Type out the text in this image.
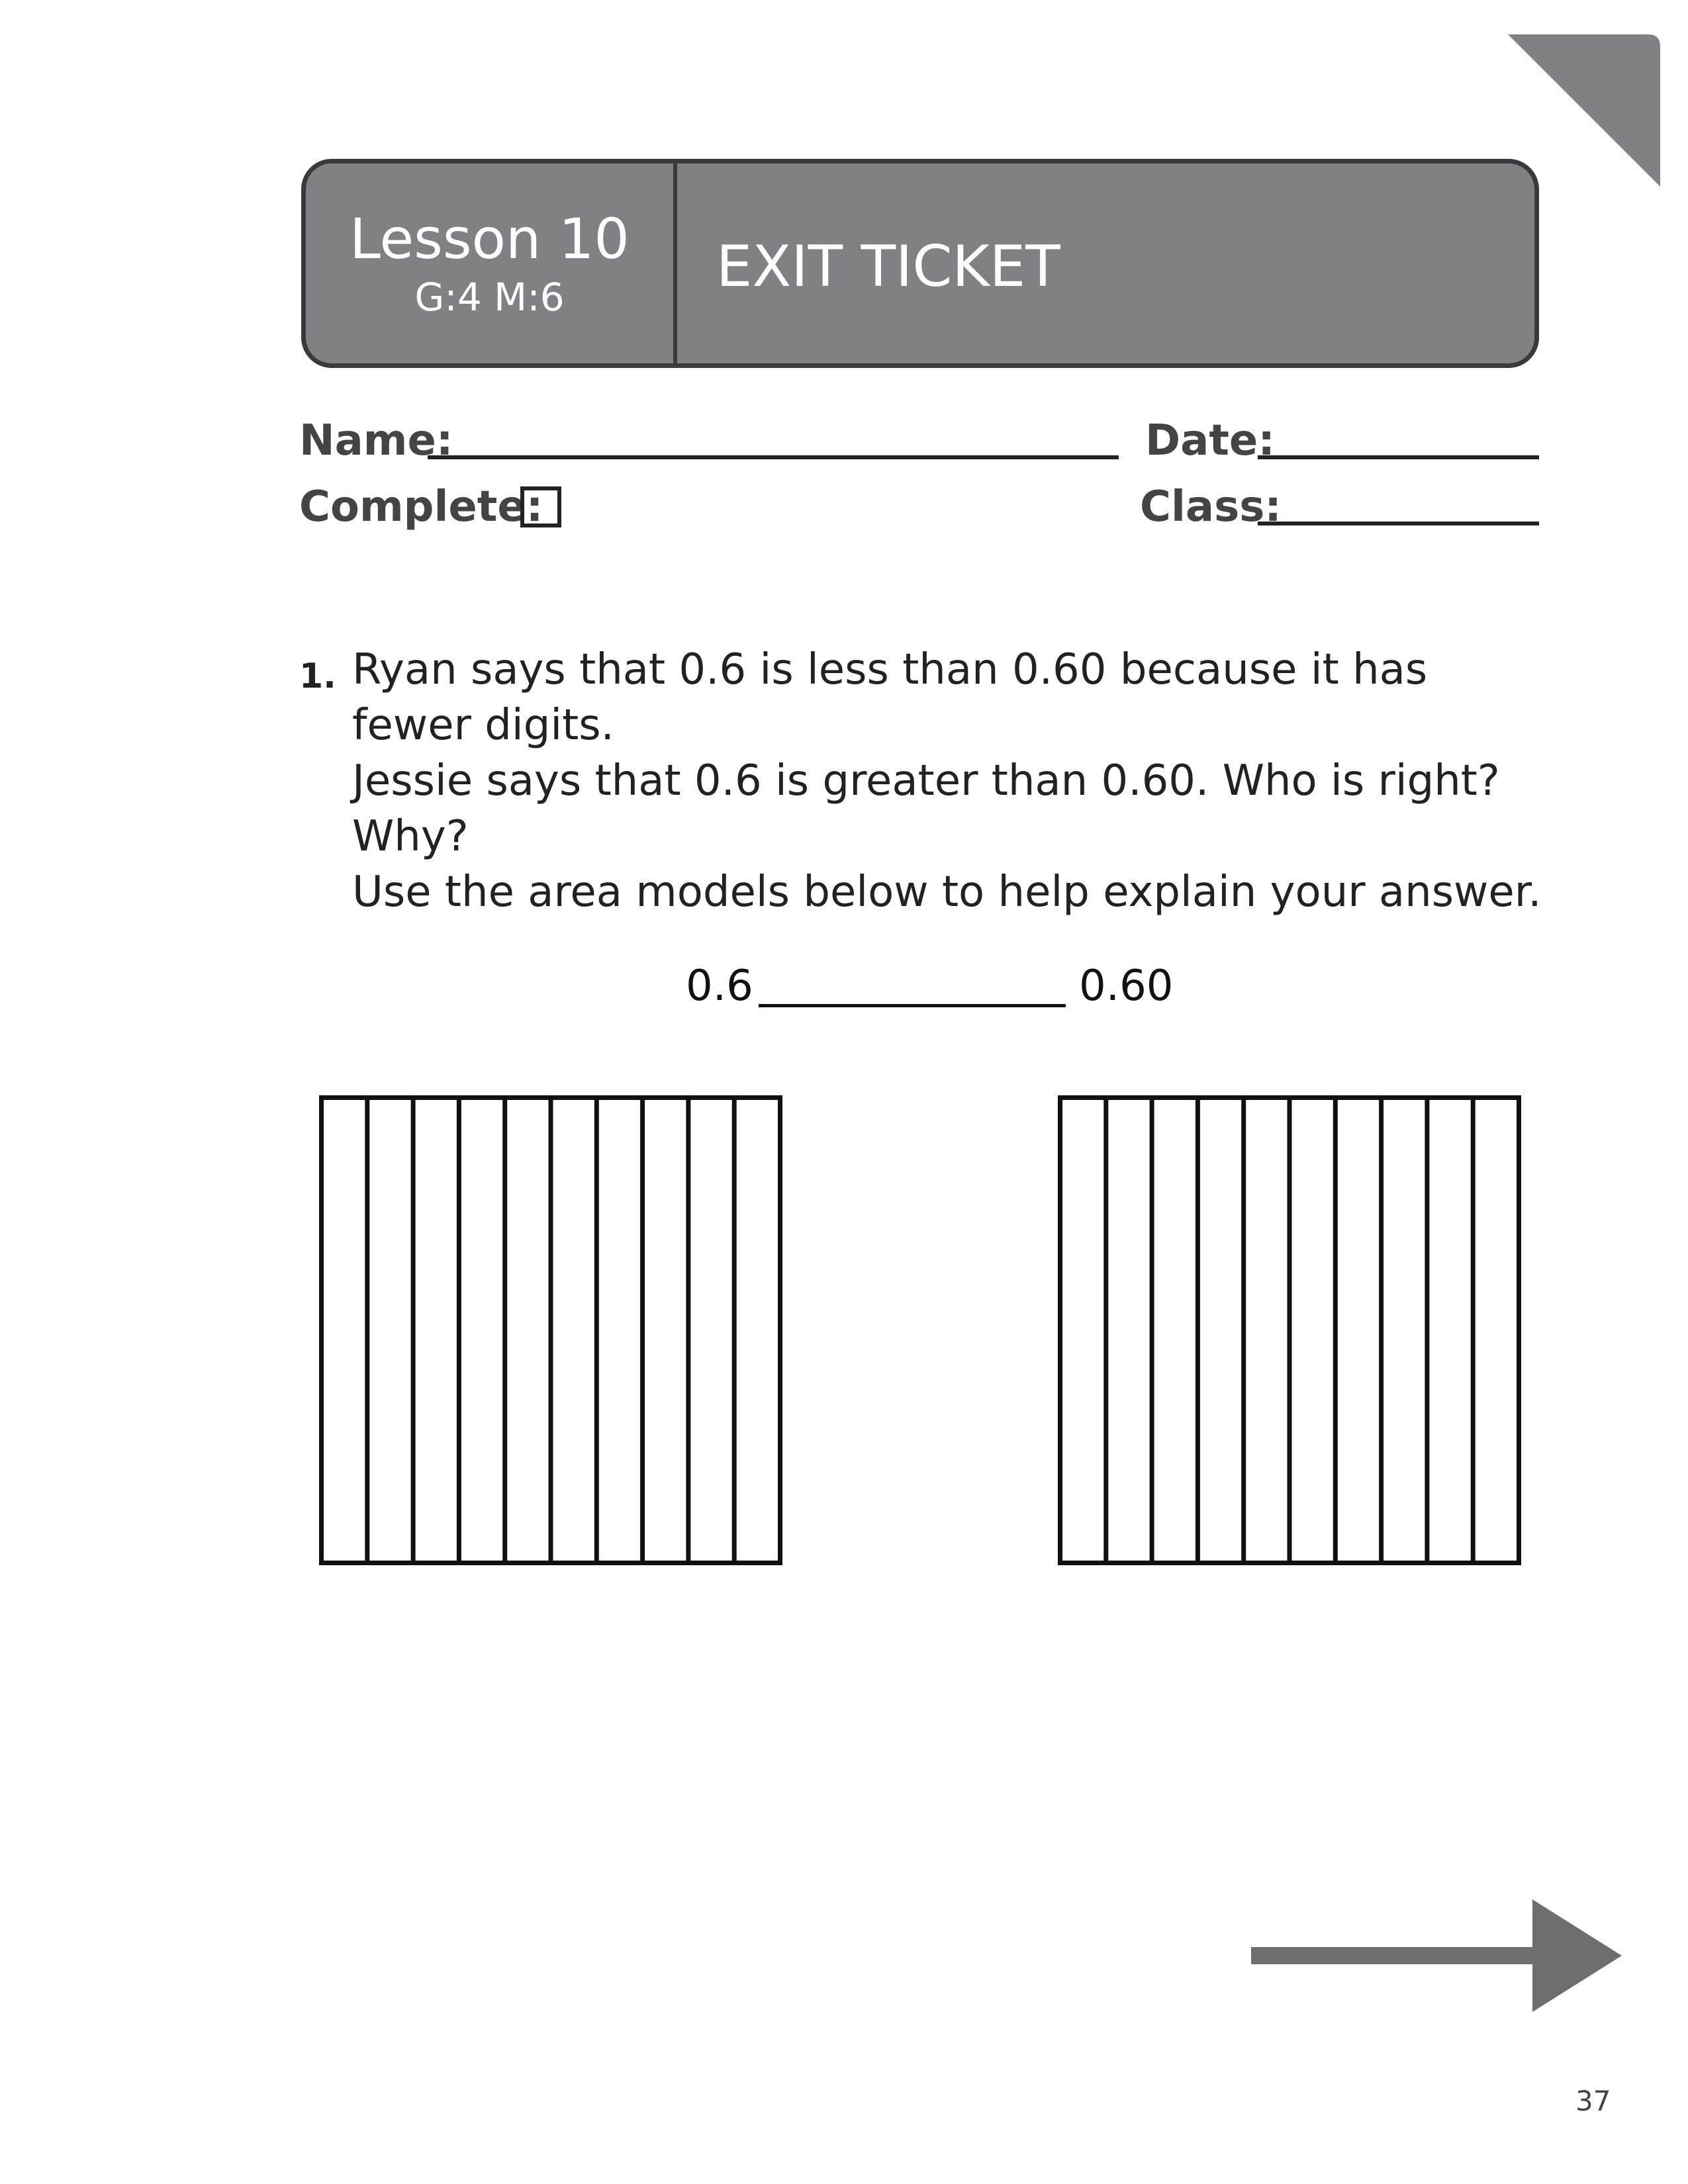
Lesson 10
G:4 M:6	EXIT TICKET
Name:	Date:
Complete:	Class:
1. Ryan says that 0.6 is less than 0.60 because it has fewer digits.
Jessie says that 0.6 is greater than 0.60. Who is right? Why?
Use the area models below to help explain your answer.
0.6	0.60
37
